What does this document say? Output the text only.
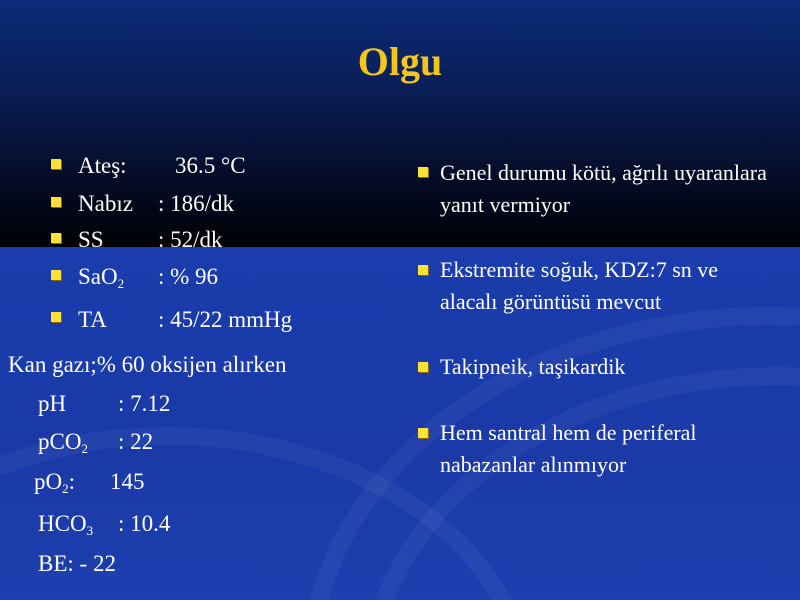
Olgu
Ateş: 36.5 °C
Nabız : 186/dk
SS : 52/dk
SaO$_2$ : % 96
TA : 45/22 mmHg
Kan gazı;% 60 oksijen alırken
pH : 7.12
pCO$_2$ : 22
$pO_2$: 145
$HCO_3$ : 10.4
BE: - 22
Genel durumu kötü, ağrılı uyaranlara yanıt vermiyor
Ekstremite soğuk, KDZ:7 sn ve alacalı görüntüsü mevcut
Takipneik, taşikardik
Hem santral hem de periferal nabazanlar alınmıyor
